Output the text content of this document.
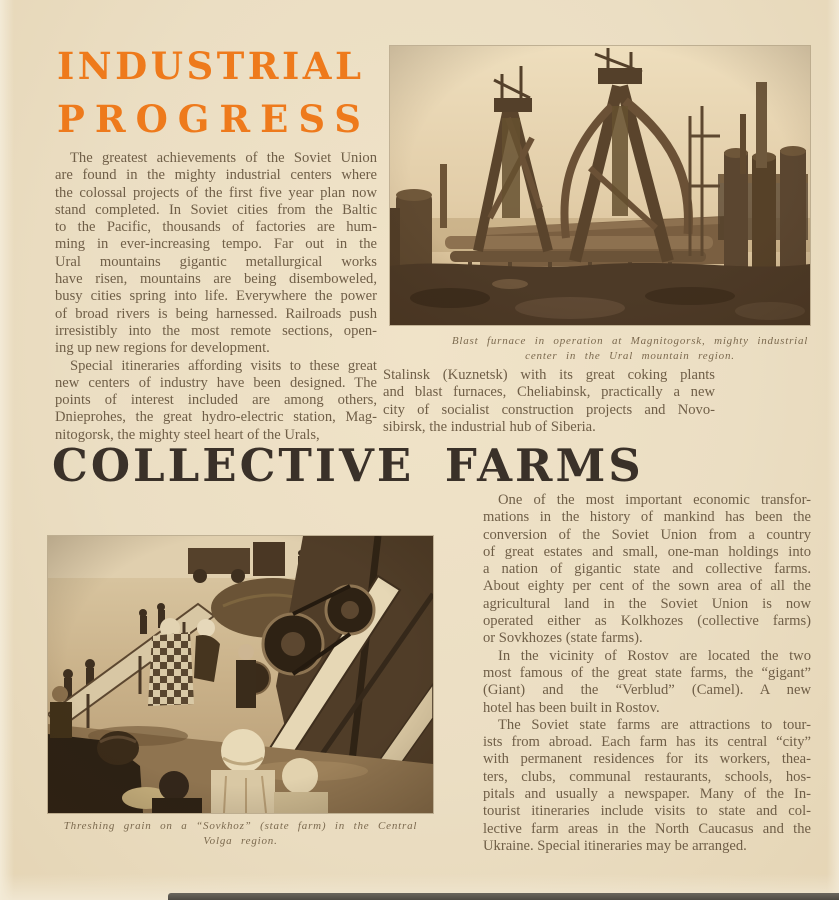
INDUSTRIAL
PROGRESS
The greatest achievements of the Soviet Union
are found in the mighty industrial centers where
the colossal projects of the first five year plan now
stand completed. In Soviet cities from the Baltic
to the Pacific, thousands of factories are hum-
ming in ever-increasing tempo. Far out in the
Ural mountains gigantic metallurgical works
have risen, mountains are being disemboweled,
busy cities spring into life. Everywhere the power
of broad rivers is being harnessed. Railroads push
irresistibly into the most remote sections, open-
ing up new regions for development.
Special itineraries affording visits to these great
new centers of industry have been designed. The
points of interest included are among others,
Dnieprohes, the great hydro-electric station, Mag-
nitogorsk, the mighty steel heart of the Urals,
Blast furnace in operation at Magnitogorsk, mighty industrial
center in the Ural mountain region.
Stalinsk (Kuznetsk) with its great coking plants
and blast furnaces, Cheliabinsk, practically a new
city of socialist construction projects and Novo-
sibirsk, the industrial hub of Siberia.
COLLECTIVE FARMS
Threshing grain on a “Sovkhoz” (state farm) in the Central
Volga region.
One of the most important economic transfor-
mations in the history of mankind has been the
conversion of the Soviet Union from a country
of great estates and small, one-man holdings into
a nation of gigantic state and collective farms.
About eighty per cent of the sown area of all the
agricultural land in the Soviet Union is now
operated either as Kolkhozes (collective farms)
or Sovkhozes (state farms).
In the vicinity of Rostov are located the two
most famous of the great state farms, the “gigant”
(Giant) and the “Verblud” (Camel). A new
hotel has been built in Rostov.
The Soviet state farms are attractions to tour-
ists from abroad. Each farm has its central “city”
with permanent residences for its workers, thea-
ters, clubs, communal restaurants, schools, hos-
pitals and usually a newspaper. Many of the In-
tourist itineraries include visits to state and col-
lective farm areas in the North Caucasus and the
Ukraine. Special itineraries may be arranged.
